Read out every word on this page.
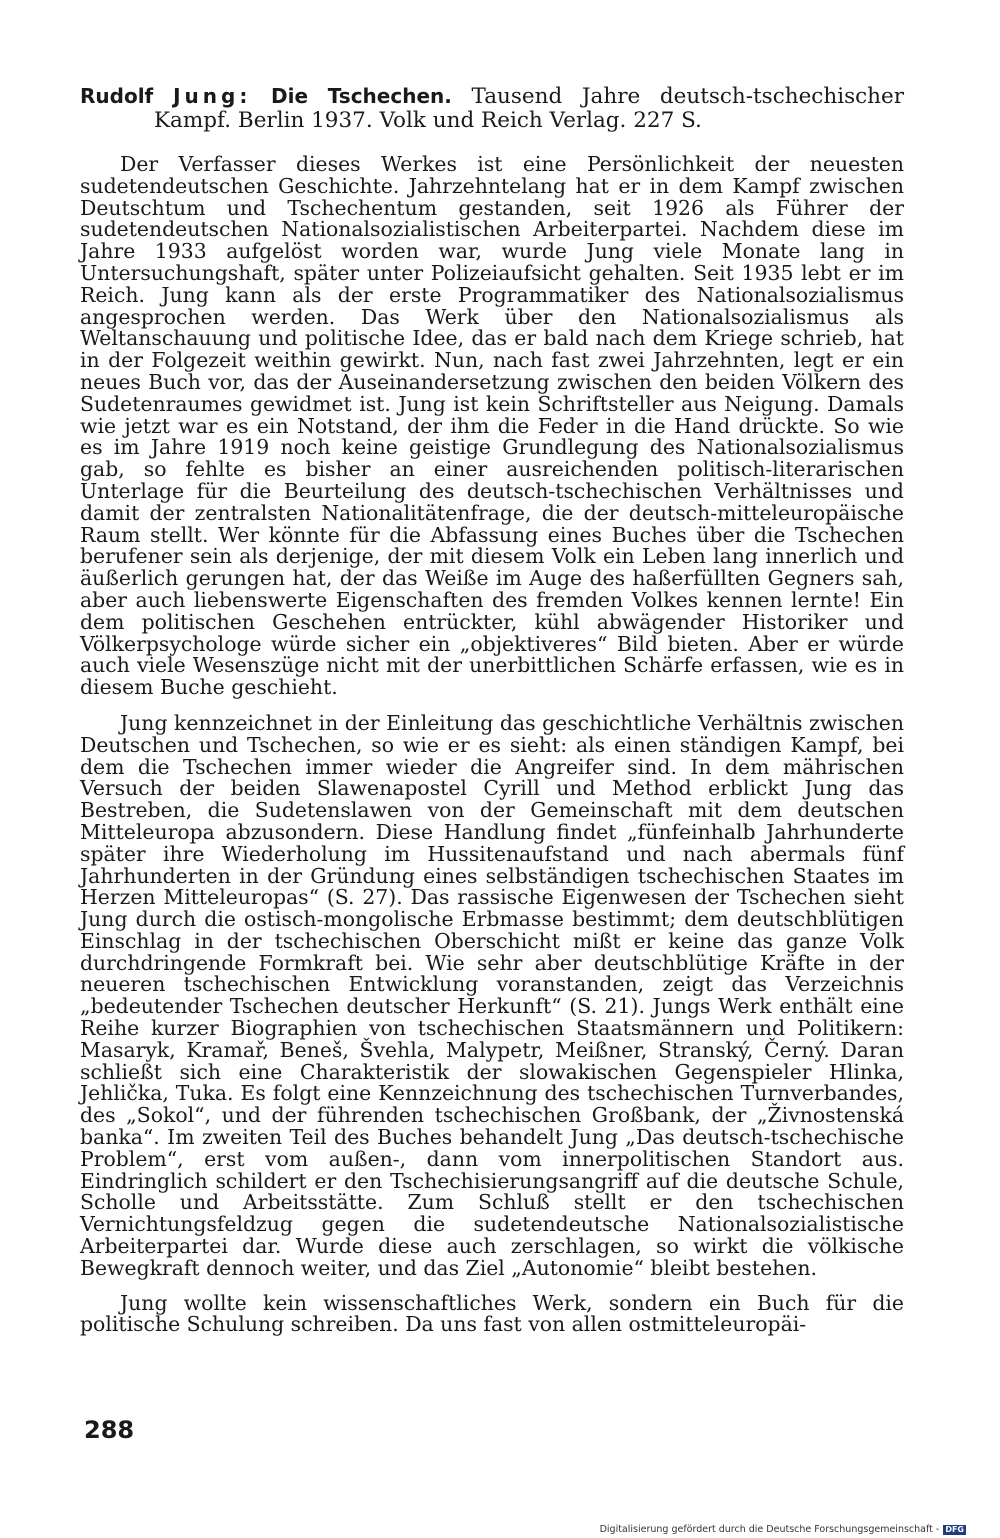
Rudolf Jung: Die Tschechen. Tausend Jahre deutsch-tschechischer Kampf. Berlin 1937. Volk und Reich Verlag. 227 S.

Der Verfasser dieses Werkes ist eine Persönlichkeit der neuesten sudetendeutschen Geschichte. Jahrzehntelang hat er in dem Kampf zwischen Deutschtum und Tschechentum gestanden, seit 1926 als Führer der sudetendeutschen Nationalsozialistischen Arbeiterpartei. Nachdem diese im Jahre 1933 aufgelöst worden war, wurde Jung viele Monate lang in Untersuchungshaft, später unter Polizeiaufsicht gehalten. Seit 1935 lebt er im Reich. Jung kann als der erste Programmatiker des Nationalsozialismus angesprochen werden. Das Werk über den Nationalsozialismus als Weltanschauung und politische Idee, das er bald nach dem Kriege schrieb, hat in der Folgezeit weithin gewirkt. Nun, nach fast zwei Jahrzehnten, legt er ein neues Buch vor, das der Auseinandersetzung zwischen den beiden Völkern des Sudetenraumes gewidmet ist. Jung ist kein Schriftsteller aus Neigung. Damals wie jetzt war es ein Notstand, der ihm die Feder in die Hand drückte. So wie es im Jahre 1919 noch keine geistige Grundlegung des Nationalsozialismus gab, so fehlte es bisher an einer ausreichenden politisch-literarischen Unterlage für die Beurteilung des deutsch-tschechischen Verhältnisses und damit der zentralsten Nationalitätenfrage, die der deutsch-mitteleuropäische Raum stellt. Wer könnte für die Abfassung eines Buches über die Tschechen berufener sein als derjenige, der mit diesem Volk ein Leben lang innerlich und äußerlich gerungen hat, der das Weiße im Auge des haßerfüllten Gegners sah, aber auch liebenswerte Eigenschaften des fremden Volkes kennen lernte! Ein dem politischen Geschehen entrückter, kühl abwägender Historiker und Völkerpsychologe würde sicher ein „objektiveres“ Bild bieten. Aber er würde auch viele Wesenszüge nicht mit der unerbittlichen Schärfe erfassen, wie es in diesem Buche geschieht.

Jung kennzeichnet in der Einleitung das geschichtliche Verhältnis zwischen Deutschen und Tschechen, so wie er es sieht: als einen ständigen Kampf, bei dem die Tschechen immer wieder die Angreifer sind. In dem mährischen Versuch der beiden Slawenapostel Cyrill und Method erblickt Jung das Bestreben, die Sudetenslawen von der Gemeinschaft mit dem deutschen Mitteleuropa abzusondern. Diese Handlung findet „fünfeinhalb Jahrhunderte später ihre Wiederholung im Hussitenaufstand und nach abermals fünf Jahrhunderten in der Gründung eines selbständigen tschechischen Staates im Herzen Mitteleuropas“ (S. 27). Das rassische Eigenwesen der Tschechen sieht Jung durch die ostisch-mongolische Erbmasse bestimmt; dem deutschblütigen Einschlag in der tschechischen Oberschicht mißt er keine das ganze Volk durchdringende Formkraft bei. Wie sehr aber deutschblütige Kräfte in der neueren tschechischen Entwicklung voranstanden, zeigt das Verzeichnis „bedeutender Tschechen deutscher Herkunft“ (S. 21). Jungs Werk enthält eine Reihe kurzer Biographien von tschechischen Staatsmännern und Politikern: Masaryk, Kramař, Beneš, Švehla, Malypetr, Meißner, Stranský, Černý. Daran schließt sich eine Charakteristik der slowakischen Gegenspieler Hlinka, Jehlička, Tuka. Es folgt eine Kennzeichnung des tschechischen Turnverbandes, des „Sokol“, und der führenden tschechischen Großbank, der „Živnostenská banka“. Im zweiten Teil des Buches behandelt Jung „Das deutsch-tschechische Problem“, erst vom außen-, dann vom innerpolitischen Standort aus. Eindringlich schildert er den Tschechisierungsangriff auf die deutsche Schule, Scholle und Arbeitsstätte. Zum Schluß stellt er den tschechischen Vernichtungsfeldzug gegen die sudetendeutsche Nationalsozialistische Arbeiterpartei dar. Wurde diese auch zerschlagen, so wirkt die völkische Bewegkraft dennoch weiter, und das Ziel „Autonomie“ bleibt bestehen.

Jung wollte kein wissenschaftliches Werk, sondern ein Buch für die politische Schulung schreiben. Da uns fast von allen ostmitteleuropäi-

288
Digitalisierung gefördert durch die Deutsche Forschungsgemeinschaft - DFG
